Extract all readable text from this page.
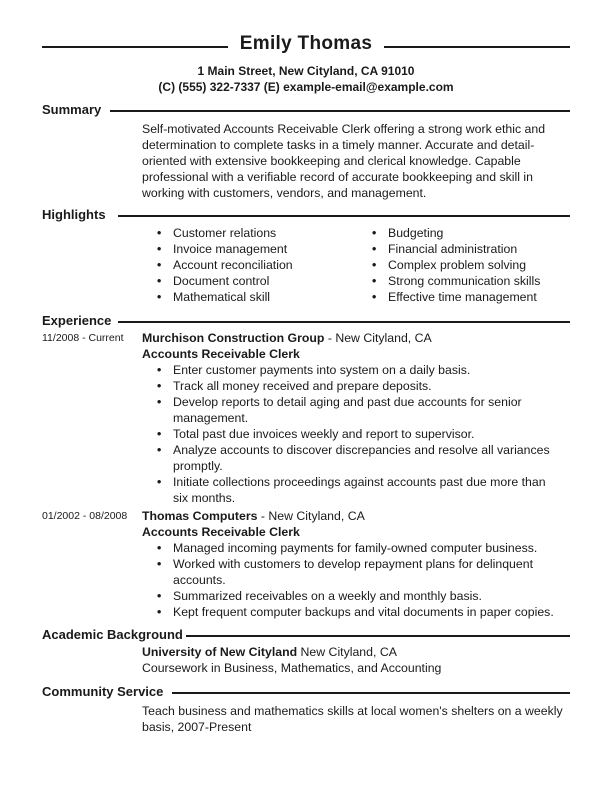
Emily Thomas
1 Main Street, New Cityland, CA 91010
(C) (555) 322-7337 (E) example-email@example.com
Summary
Self-motivated Accounts Receivable Clerk offering a strong work ethic and
determination to complete tasks in a timely manner. Accurate and detail-
oriented with extensive bookkeeping and clerical knowledge. Capable
professional with a verifiable record of accurate bookkeeping and skill in
working with customers, vendors, and management.
Highlights
• Customer relations
• Invoice management
• Account reconciliation
• Document control
• Mathematical skill
• Budgeting
• Financial administration
• Complex problem solving
• Strong communication skills
• Effective time management
Experience
11/2008 - Current Murchison Construction Group - New Cityland, CA
Accounts Receivable Clerk
• Enter customer payments into system on a daily basis.
• Track all money received and prepare deposits.
• Develop reports to detail aging and past due accounts for senior
management.
• Total past due invoices weekly and report to supervisor.
• Analyze accounts to discover discrepancies and resolve all variances
promptly.
• Initiate collections proceedings against accounts past due more than
six months.
01/2002 - 08/2008 Thomas Computers - New Cityland, CA
Accounts Receivable Clerk
• Managed incoming payments for family-owned computer business.
• Worked with customers to develop repayment plans for delinquent
accounts.
• Summarized receivables on a weekly and monthly basis.
• Kept frequent computer backups and vital documents in paper copies.
Academic Background
University of New Cityland New Cityland, CA
Coursework in Business, Mathematics, and Accounting
Community Service
Teach business and mathematics skills at local women's shelters on a weekly
basis, 2007-Present
